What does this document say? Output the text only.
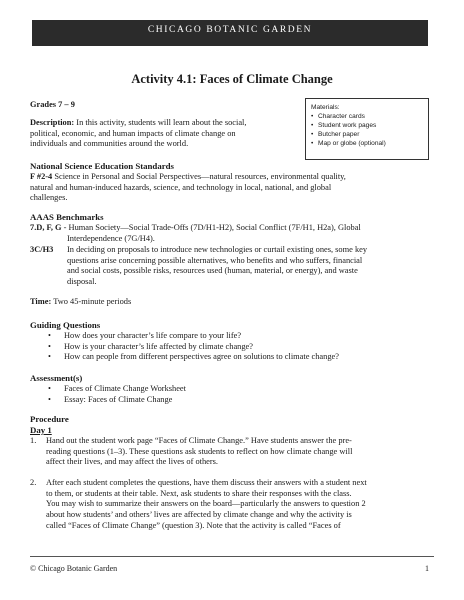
CHICAGO BOTANIC GARDEN
Activity 4.1: Faces of Climate Change
Grades 7 – 9	Materials:
• Character cards
• Student work pages
• Butcher paper
• Map or globe (optional)
Description: In this activity, students will learn about the social,
political, economic, and human impacts of climate change on
individuals and communities around the world.
National Science Education Standards
F #2-4 Science in Personal and Social Perspectives—natural resources, environmental quality,
natural and human-induced hazards, science, and technology in local, national, and global
challenges.
AAAS Benchmarks
7.D, F, G - Human Society—Social Trade-Offs (7D/H1-H2), Social Conflict (7F/H1, H2a), Global
Interdependence (7G/H4).
3C/H3 In deciding on proposals to introduce new technologies or curtail existing ones, some key
questions arise concerning possible alternatives, who benefits and who suffers, financial
and social costs, possible risks, resources used (human, material, or energy), and waste
disposal.
Time: Two 45-minute periods
Guiding Questions
• How does your character’s life compare to your life?
• How is your character’s life affected by climate change?
• How can people from different perspectives agree on solutions to climate change?
Assessment(s)
• Faces of Climate Change Worksheet
• Essay: Faces of Climate Change
Procedure
Day 1
1. Hand out the student work page “Faces of Climate Change.” Have students answer the pre-
reading questions (1–3). These questions ask students to reflect on how climate change will
affect their lives, and may affect the lives of others.
2. After each student completes the questions, have them discuss their answers with a student next
to them, or students at their table. Next, ask students to share their responses with the class.
You may wish to summarize their answers on the board—particularly the answers to question 2
about how students’ and others’ lives are affected by climate change and why the activity is
called “Faces of Climate Change” (question 3). Note that the activity is called “Faces of
© Chicago Botanic Garden	1
